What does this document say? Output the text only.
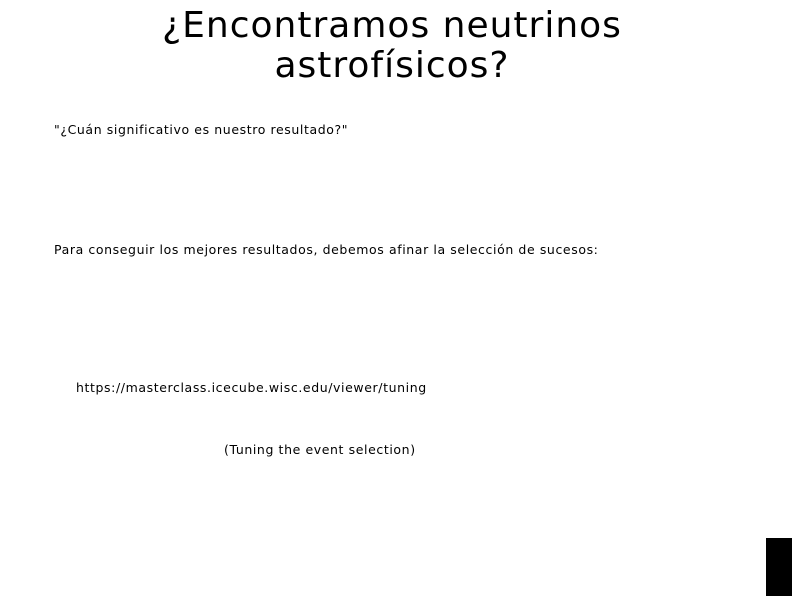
¿Encontramos neutrinos
astrofísicos?
"¿Cuán significativo es nuestro resultado?"
Para conseguir los mejores resultados, debemos afinar la selección de sucesos:
https://masterclass.icecube.wisc.edu/viewer/tuning
(Tuning the event selection)
